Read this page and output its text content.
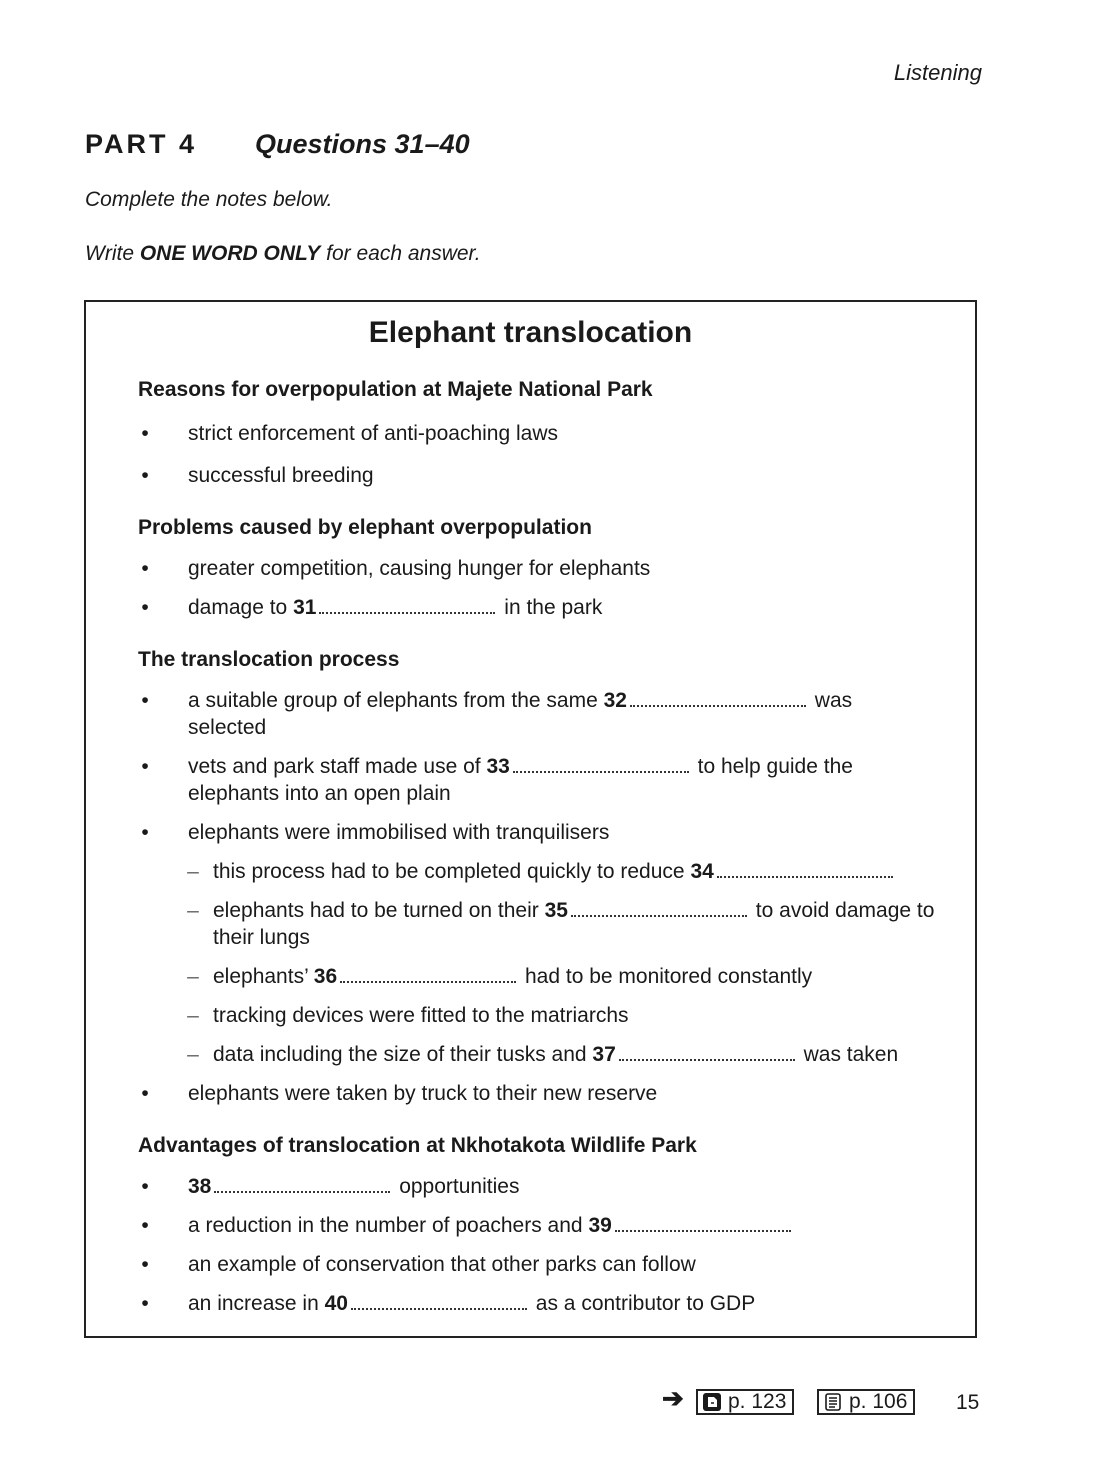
Listening
PART 4 Questions 31–40
Complete the notes below.
Write ONE WORD ONLY for each answer.
Elephant translocation
Reasons for overpopulation at Majete National Park
• strict enforcement of anti-poaching laws
• successful breeding
Problems caused by elephant overpopulation
• greater competition, causing hunger for elephants
• damage to 31	in the park
The translocation process
• a suitable group of elephants from the same 32	was selected
• vets and park staff made use of 33	to help guide the elephants into an open plain
• elephants were immobilised with tranquilisers
– this process had to be completed quickly to reduce 34
– elephants had to be turned on their 35	to avoid damage to their lungs
– elephants’ 36	had to be monitored constantly
– tracking devices were fitted to the matriarchs
– data including the size of their tusks and 37	was taken
• elephants were taken by truck to their new reserve
Advantages of translocation at Nkhotakota Wildlife Park
• 38	opportunities
• a reduction in the number of poachers and 39
• an example of conservation that other parks can follow
• an increase in 40	as a contributor to GDP
➔ p. 123	p. 106 15
